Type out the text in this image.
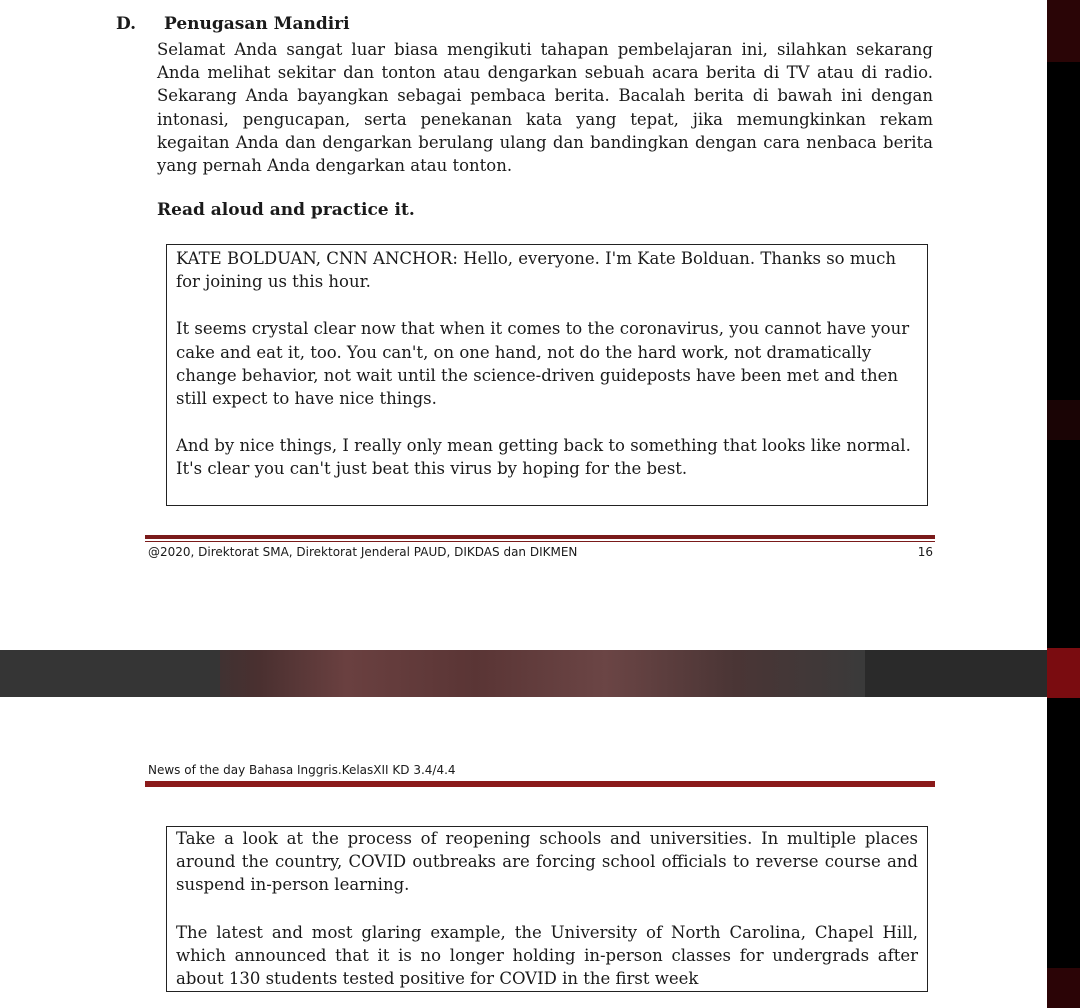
D. Penugasan Mandiri

Selamat Anda sangat luar biasa mengikuti tahapan pembelajaran ini, silahkan sekarang Anda melihat sekitar dan tonton atau dengarkan sebuah acara berita di TV atau di radio. Sekarang Anda bayangkan sebagai pembaca berita. Bacalah berita di bawah ini dengan intonasi, pengucapan, serta penekanan kata yang tepat, jika memungkinkan rekam kegaitan Anda dan dengarkan berulang ulang dan bandingkan dengan cara nenbaca berita yang pernah Anda dengarkan atau tonton.

Read aloud and practice it.

KATE BOLDUAN, CNN ANCHOR: Hello, everyone. I'm Kate Bolduan. Thanks so much for joining us this hour.

It seems crystal clear now that when it comes to the coronavirus, you cannot have your cake and eat it, too. You can't, on one hand, not do the hard work, not dramatically change behavior, not wait until the science-driven guideposts have been met and then still expect to have nice things.

And by nice things, I really only mean getting back to something that looks like normal. It's clear you can't just beat this virus by hoping for the best.

@2020, Direktorat SMA, Direktorat Jenderal PAUD, DIKDAS dan DIKMEN	16
News of the day Bahasa Inggris.KelasXII KD 3.4/4.4

Take a look at the process of reopening schools and universities. In multiple places around the country, COVID outbreaks are forcing school officials to reverse course and suspend in-person learning.

The latest and most glaring example, the University of North Carolina, Chapel Hill, which announced that it is no longer holding in-person classes for undergrads after about 130 students tested positive for COVID in the first week
